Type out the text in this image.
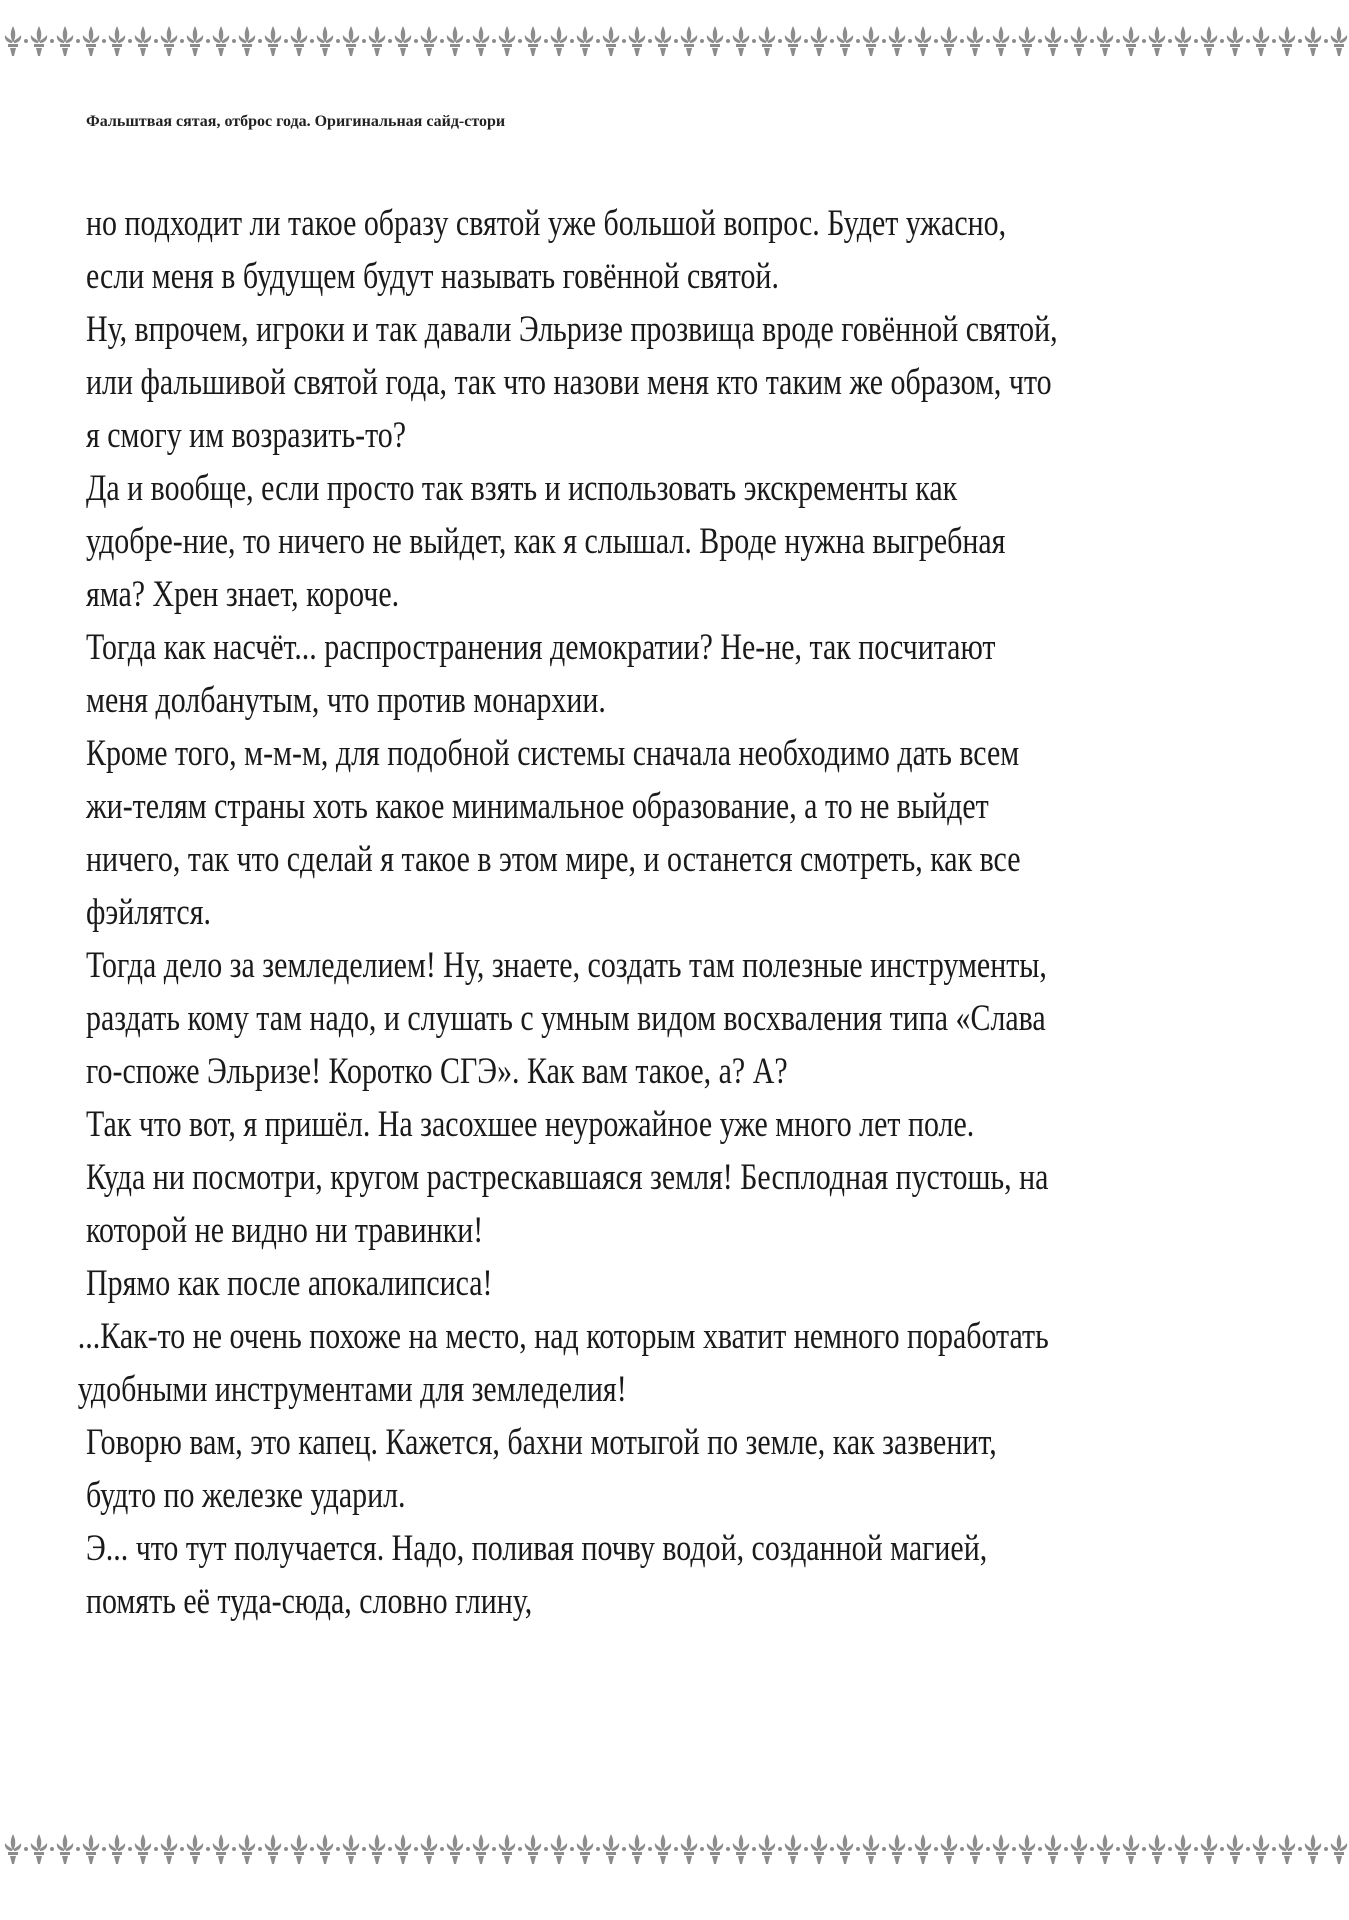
Фальштвая сятая, отброс года. Оригинальная сайд-стори

но подходит ли такое образу святой уже большой вопрос. Будет ужасно, если меня в будущем будут называть говённой святой.

Ну, впрочем, игроки и так давали Эльризе прозвища вроде говённой святой, или фальшивой святой года, так что назови меня кто таким же образом, что я смогу им возразить-то?

Да и вообще, если просто так взять и использовать экскременты как удобре-ние, то ничего не выйдет, как я слышал. Вроде нужна выгребная яма? Хрен знает, короче.

Тогда как насчёт... распространения демократии? Не-не, так посчитают меня долбанутым, что против монархии.

Кроме того, м-м-м, для подобной системы сначала необходимо дать всем жи-телям страны хоть какое минимальное образование, а то не выйдет ничего, так что сделай я такое в этом мире, и останется смотреть, как все фэйлятся.

Тогда дело за земледелием! Ну, знаете, создать там полезные инструменты, раздать кому там надо, и слушать с умным видом восхваления типа «Слава го-споже Эльризе! Коротко СГЭ». Как вам такое, а? А?

Так что вот, я пришёл. На засохшее неурожайное уже много лет поле.

Куда ни посмотри, кругом растрескавшаяся земля! Бесплодная пустошь, на которой не видно ни травинки!

Прямо как после апокалипсиса!

...Как-то не очень похоже на место, над которым хватит немного поработать удобными инструментами для земледелия!

Говорю вам, это капец. Кажется, бахни мотыгой по земле, как зазвенит, будто по железке ударил.

Э... что тут получается. Надо, поливая почву водой, созданной магией, помять её туда-сюда, словно глину,
